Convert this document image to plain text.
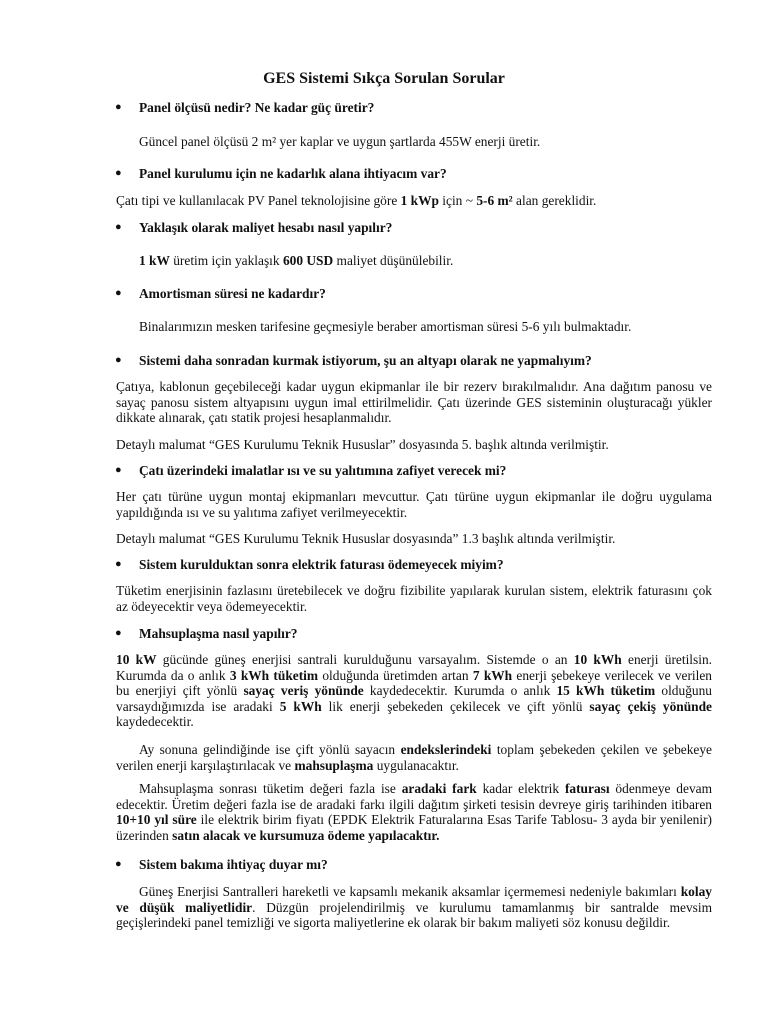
GES Sistemi Sıkça Sorulan Sorular
● Panel ölçüsü nedir? Ne kadar güç üretir?
Güncel panel ölçüsü 2 m² yer kaplar ve uygun şartlarda 455W enerji üretir.
● Panel kurulumu için ne kadarlık alana ihtiyacım var?
Çatı tipi ve kullanılacak PV Panel teknolojisine göre 1 kWp için ~ 5-6 m² alan gereklidir.
● Yaklaşık olarak maliyet hesabı nasıl yapılır?
1 kW üretim için yaklaşık 600 USD maliyet düşünülebilir.
● Amortisman süresi ne kadardır?
Binalarımızın mesken tarifesine geçmesiyle beraber amortisman süresi 5-6 yılı bulmaktadır.
● Sistemi daha sonradan kurmak istiyorum, şu an altyapı olarak ne yapmalıyım?
Çatıya, kablonun geçebileceği kadar uygun ekipmanlar ile bir rezerv bırakılmalıdır. Ana dağıtım panosu ve sayaç panosu sistem altyapısını uygun imal ettirilmelidir. Çatı üzerinde GES sisteminin oluşturacağı yükler dikkate alınarak, çatı statik projesi hesaplanmalıdır.
Detaylı malumat “GES Kurulumu Teknik Hususlar” dosyasında 5. başlık altında verilmiştir.
● Çatı üzerindeki imalatlar ısı ve su yalıtımına zafiyet verecek mi?
Her çatı türüne uygun montaj ekipmanları mevcuttur. Çatı türüne uygun ekipmanlar ile doğru uygulama yapıldığında ısı ve su yalıtıma zafiyet verilmeyecektir.
Detaylı malumat “GES Kurulumu Teknik Hususlar dosyasında” 1.3 başlık altında verilmiştir.
● Sistem kurulduktan sonra elektrik faturası ödemeyecek miyim?
Tüketim enerjisinin fazlasını üretebilecek ve doğru fizibilite yapılarak kurulan sistem, elektrik faturasını çok az ödeyecektir veya ödemeyecektir.
● Mahsuplaşma nasıl yapılır?
10 kW gücünde güneş enerjisi santrali kurulduğunu varsayalım. Sistemde o an 10 kWh enerji üretilsin. Kurumda da o anlık 3 kWh tüketim olduğunda üretimden artan 7 kWh enerji şebekeye verilecek ve verilen bu enerjiyi çift yönlü sayaç veriş yönünde kaydedecektir. Kurumda o anlık 15 kWh tüketim olduğunu varsaydığımızda ise aradaki 5 kWh lik enerji şebekeden çekilecek ve çift yönlü sayaç çekiş yönünde kaydedecektir.
Ay sonuna gelindiğinde ise çift yönlü sayacın endekslerindeki toplam şebekeden çekilen ve şebekeye verilen enerji karşılaştırılacak ve mahsuplaşma uygulanacaktır.
Mahsuplaşma sonrası tüketim değeri fazla ise aradaki fark kadar elektrik faturası ödenmeye devam edecektir. Üretim değeri fazla ise de aradaki farkı ilgili dağıtım şirketi tesisin devreye giriş tarihinden itibaren 10+10 yıl süre ile elektrik birim fiyatı (EPDK Elektrik Faturalarına Esas Tarife Tablosu- 3 ayda bir yenilenir) üzerinden satın alacak ve kursumuza ödeme yapılacaktır.
● Sistem bakıma ihtiyaç duyar mı?
Güneş Enerjisi Santralleri hareketli ve kapsamlı mekanik aksamlar içermemesi nedeniyle bakımları kolay ve düşük maliyetlidir. Düzgün projelendirilmiş ve kurulumu tamamlanmış bir santralde mevsim geçişlerindeki panel temizliği ve sigorta maliyetlerine ek olarak bir bakım maliyeti söz konusu değildir.
